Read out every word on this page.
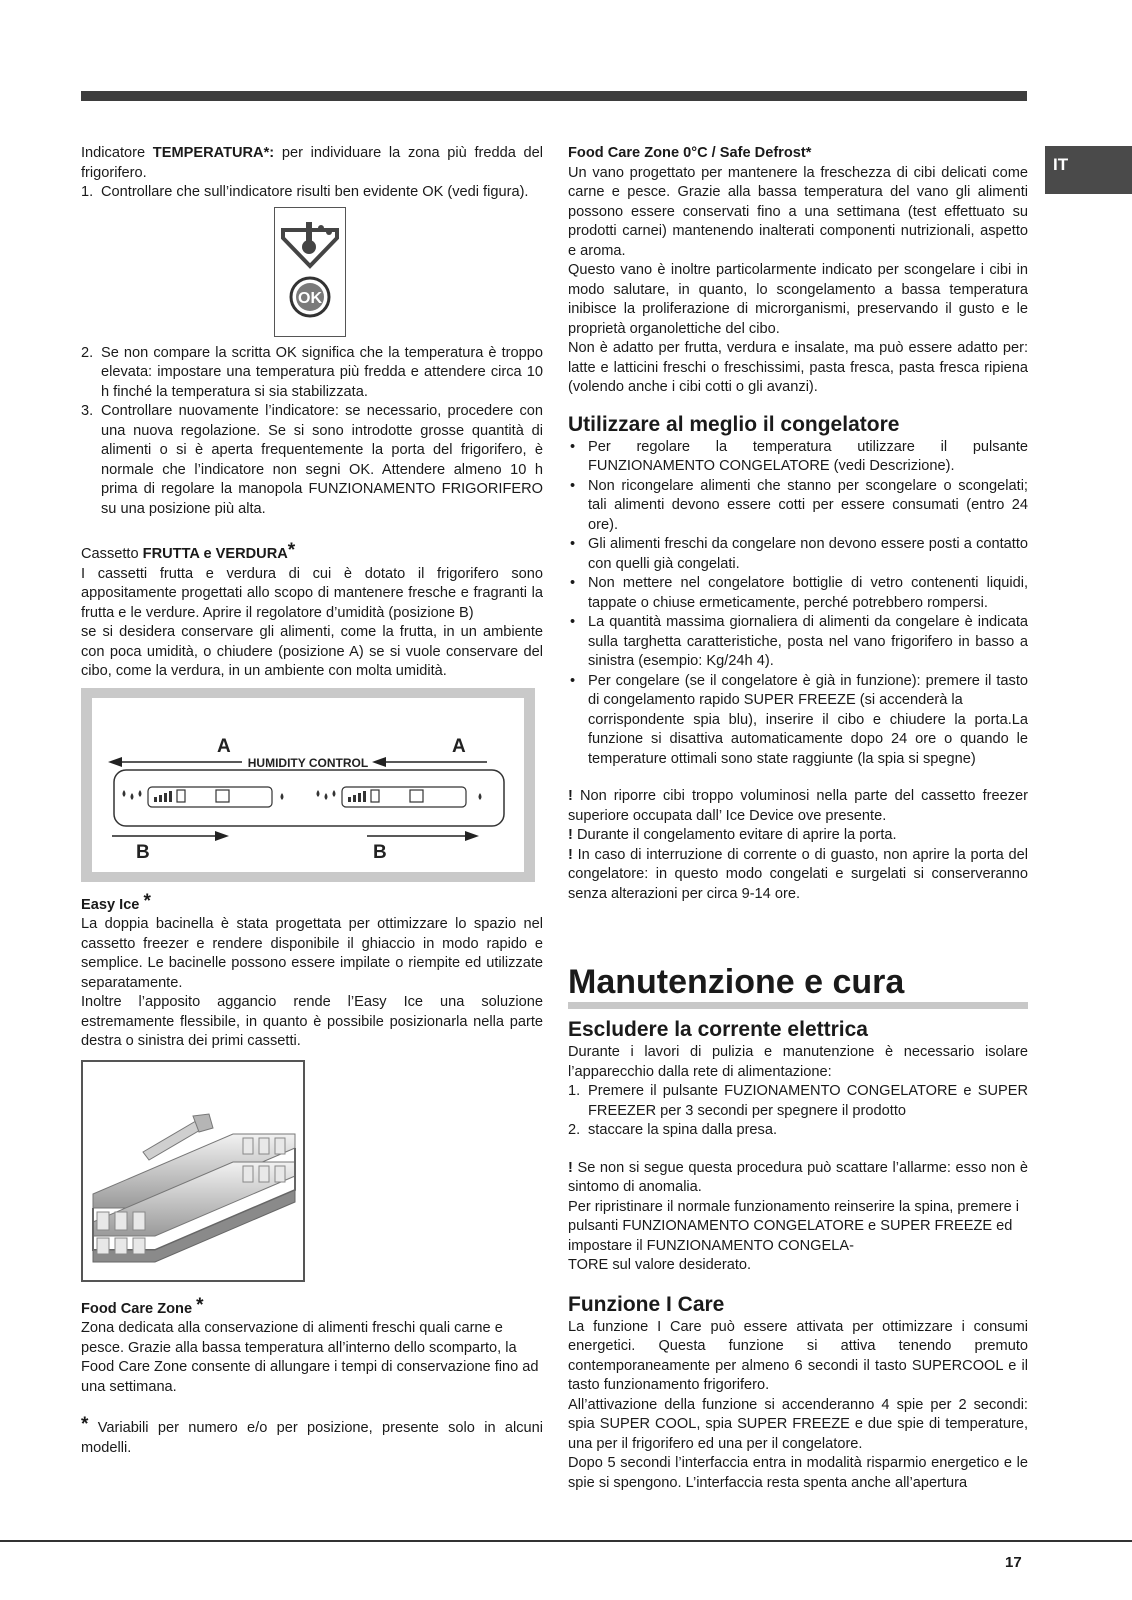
IT

Indicatore TEMPERATURA*: per individuare la zona più fredda del frigorifero.

1. Controllare che sull’indicatore risulti ben evidente OK (vedi figura).
OK
2. Se non compare la scritta OK significa che la temperatura è troppo elevata: impostare una temperatura più fredda e attendere circa 10 h finché la temperatura si sia stabilizzata.
3. Controllare nuovamente l’indicatore: se necessario, procedere con una nuova regolazione. Se si sono introdotte grosse quantità di alimenti o si è aperta frequentemente la porta del frigorifero, è normale che l’indicatore non segni OK. Attendere almeno 10 h prima di regolare la manopola FUNZIONAMENTO FRIGORIFERO su una posizione più alta.

Cassetto FRUTTA e VERDURA*

I cassetti frutta e verdura di cui è dotato il frigorifero sono appositamente progettati allo scopo di mantenere fresche e fragranti la frutta e le verdure. Aprire il regolatore d’umidità (posizione B)

se si desidera conservare gli alimenti, come la frutta, in un ambiente con poca umidità, o chiudere (posizione A) se si vuole conservare del cibo, come la verdura, in un ambiente con molta umidità.

A	A
HUMIDITY CONTROL
B	B

Easy Ice *

La doppia bacinella è stata progettata per ottimizzare lo spazio nel cassetto freezer e rendere disponibile il ghiaccio in modo rapido e semplice. Le bacinelle possono essere impilate o riempite ed utilizzate separatamente.

Inoltre l’apposito aggancio rende l’Easy Ice una soluzione estremamente flessibile, in quanto è possibile posizionarla nella parte destra o sinistra dei primi cassetti.

Food Care Zone *

Zona dedicata alla conservazione di alimenti freschi quali carne e pesce. Grazie alla bassa temperatura all’interno dello scomparto, la Food Care Zone consente di allungare i tempi di conservazione fino ad una settimana.

* Variabili per numero e/o per posizione, presente solo in alcuni modelli.

Food Care Zone 0°C / Safe Defrost*

Un vano progettato per mantenere la freschezza di cibi delicati come carne e pesce. Grazie alla bassa temperatura del vano gli alimenti possono essere conservati fino a una settimana (test effettuato su prodotti carnei) mantenendo inalterati componenti nutrizionali, aspetto e aroma.

Questo vano è inoltre particolarmente indicato per scongelare i cibi in modo salutare, in quanto, lo scongelamento a bassa temperatura inibisce la proliferazione di microrganismi, preservando il gusto e le proprietà organolettiche del cibo.

Non è adatto per frutta, verdura e insalate, ma può essere adatto per: latte e latticini freschi o freschissimi, pasta fresca, pasta fresca ripiena (volendo anche i cibi cotti o gli avanzi).

Utilizzare al meglio il congelatore
• Per regolare la temperatura utilizzare il pulsante FUNZIONAMENTO CONGELATORE (vedi Descrizione).
• Non ricongelare alimenti che stanno per scongelare o scongelati; tali alimenti devono essere cotti per essere consumati (entro 24 ore).
• Gli alimenti freschi da congelare non devono essere posti a contatto con quelli già congelati.
• Non mettere nel congelatore bottiglie di vetro contenenti liquidi, tappate o chiuse ermeticamente, perché potrebbero rompersi.
• La quantità massima giornaliera di alimenti da congelare è indicata sulla targhetta caratteristiche, posta nel vano frigorifero in basso a sinistra (esempio: Kg/24h 4).
• Per congelare (se il congelatore è già in funzione): premere il tasto di congelamento rapido SUPER FREEZE (si accenderà la

corrispondente spia blu), inserire il cibo e chiudere la porta.La funzione si disattiva automaticamente dopo 24 ore o quando le temperature ottimali sono state raggiunte (la spia si spegne)

! Non riporre cibi troppo voluminosi nella parte del cassetto freezer superiore occupata dall’ Ice Device ove presente.

! Durante il congelamento evitare di aprire la porta.

! In caso di interruzione di corrente o di guasto, non aprire la porta del congelatore: in questo modo congelati e surgelati si conserveranno senza alterazioni per circa 9-14 ore.

Manutenzione e cura
Escludere la corrente elettrica

Durante i lavori di pulizia e manutenzione è necessario isolare l’apparecchio dalla rete di alimentazione:

1. Premere il pulsante FUZIONAMENTO CONGELATORE e SUPER FREEZER per 3 secondi per spegnere il prodotto
2. staccare la spina dalla presa.

! Se non si segue questa procedura può scattare l’allarme: esso non è sintomo di anomalia.

Per ripristinare il normale funzionamento reinserire la spina, premere i pulsanti FUNZIONAMENTO CONGELATORE e SUPER FREEZE ed impostare il FUNZIONAMENTO CONGELA-

TORE sul valore desiderato.

Funzione I Care

La funzione I Care può essere attivata per ottimizzare i consumi energetici. Questa funzione si attiva tenendo premuto contemporaneamente per almeno 6 secondi il tasto SUPERCOOL e il tasto funzionamento frigorifero.

All’attivazione della funzione si accenderanno 4 spie per 2 secondi: spia SUPER COOL, spia SUPER FREEZE e due spie di temperature, una per il frigorifero ed una per il congelatore.

Dopo 5 secondi l’interfaccia entra in modalità risparmio energetico e le spie si spengono. L’interfaccia resta spenta anche all’apertura

17
